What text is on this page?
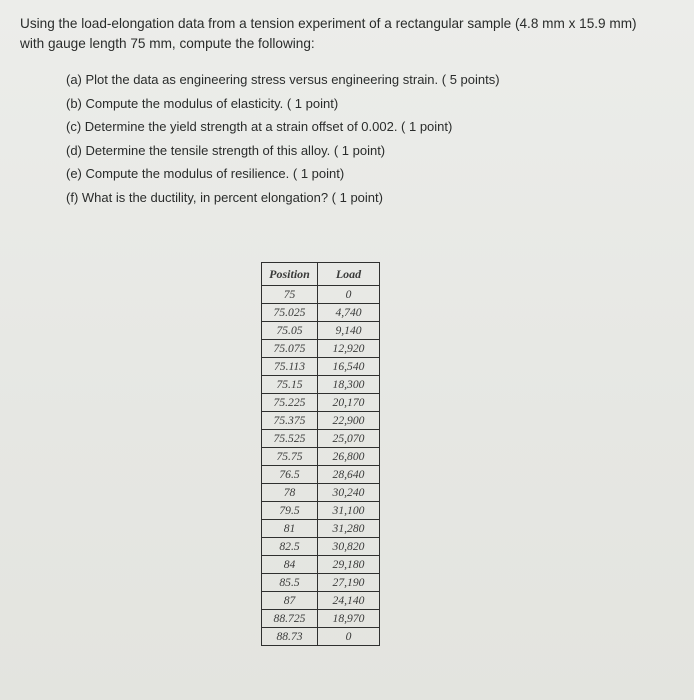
Using the load-elongation data from a tension experiment of a rectangular sample (4.8 mm x 15.9 mm)
with gauge length 75 mm, compute the following:
(a) Plot the data as engineering stress versus engineering strain. ( 5 points)
(b) Compute the modulus of elasticity. ( 1 point)
(c) Determine the yield strength at a strain offset of 0.002. ( 1 point)
(d) Determine the tensile strength of this alloy. ( 1 point)
(e) Compute the modulus of resilience. ( 1 point)
(f) What is the ductility, in percent elongation? ( 1 point)
Position	Load
75	0
75.025	4,740
75.05	9,140
75.075	12,920
75.113	16,540
75.15	18,300
75.225	20,170
75.375	22,900
75.525	25,070
75.75	26,800
76.5	28,640
78	30,240
79.5	31,100
81	31,280
82.5	30,820
84	29,180
85.5	27,190
87	24,140
88.725	18,970
88.73	0
